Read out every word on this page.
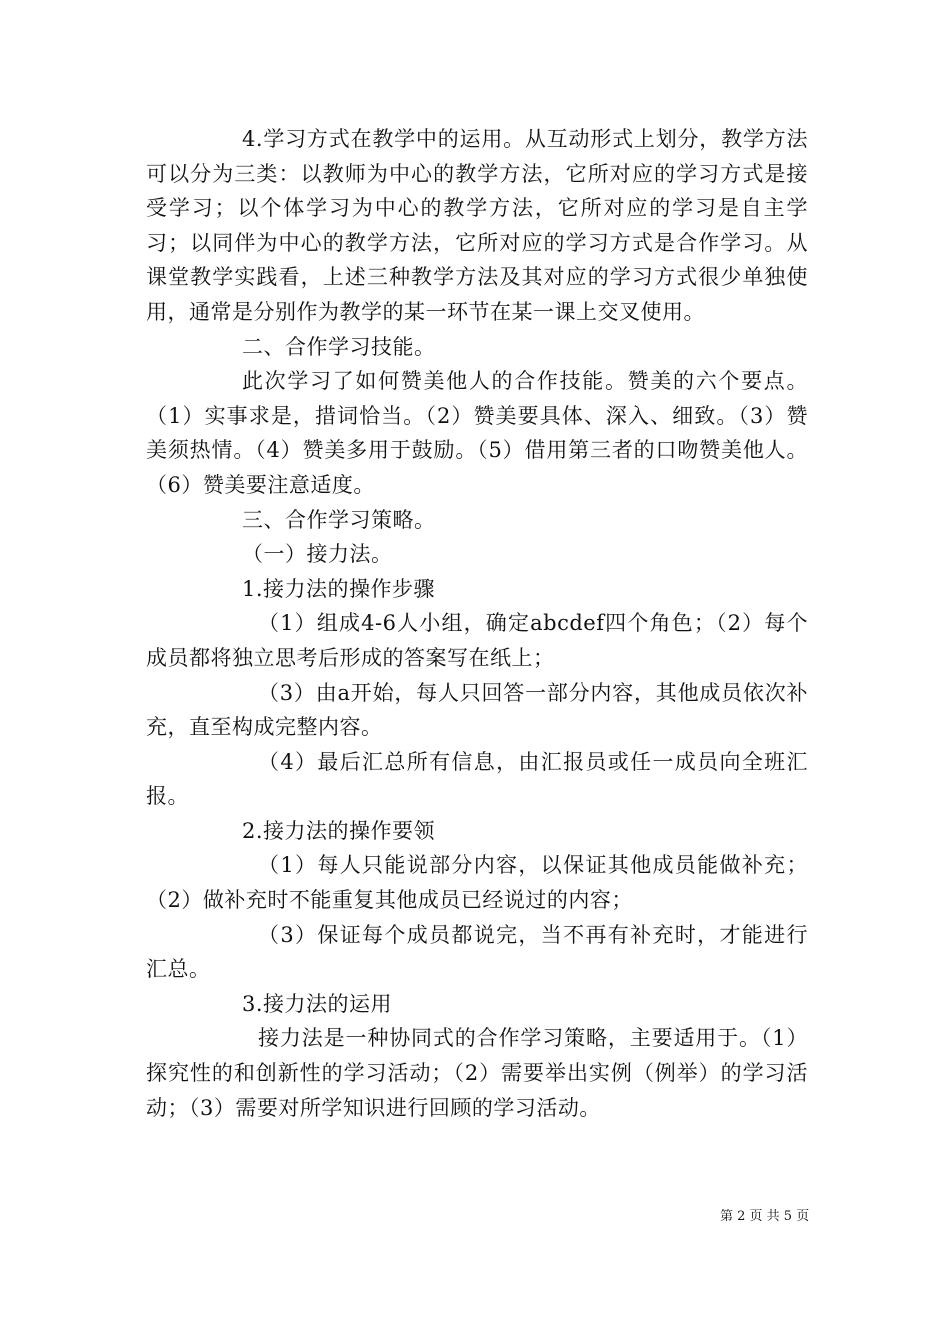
4.学习方式在教学中的运用。从互动形式上划分，教学方法可以分为三类：以教师为中心的教学方法，它所对应的学习方式是接受学习；以个体学习为中心的教学方法，它所对应的学习是自主学习；以同伴为中心的教学方法，它所对应的学习方式是合作学习。从课堂教学实践看，上述三种教学方法及其对应的学习方式很少单独使用，通常是分别作为教学的某一环节在某一课上交叉使用。

二、合作学习技能。

此次学习了如何赞美他人的合作技能。赞美的六个要点。（1）实事求是，措词恰当。（2）赞美要具体、深入、细致。（3）赞美须热情。（4）赞美多用于鼓励。（5）借用第三者的口吻赞美他人。（6）赞美要注意适度。

三、合作学习策略。

（一）接力法。

1.接力法的操作步骤

（1）组成4-6人小组，确定abcdef四个角色；（2）每个成员都将独立思考后形成的答案写在纸上；

（3）由a开始，每人只回答一部分内容，其他成员依次补充，直至构成完整内容。

（4）最后汇总所有信息，由汇报员或任一成员向全班汇报。

2.接力法的操作要领

（1）每人只能说部分内容，以保证其他成员能做补充；（2）做补充时不能重复其他成员已经说过的内容；

（3）保证每个成员都说完，当不再有补充时，才能进行汇总。

3.接力法的运用

接力法是一种协同式的合作学习策略，主要适用于。（1）探究性的和创新性的学习活动；（2）需要举出实例（例举）的学习活动；（3）需要对所学知识进行回顾的学习活动。

第 2 页 共 5 页
